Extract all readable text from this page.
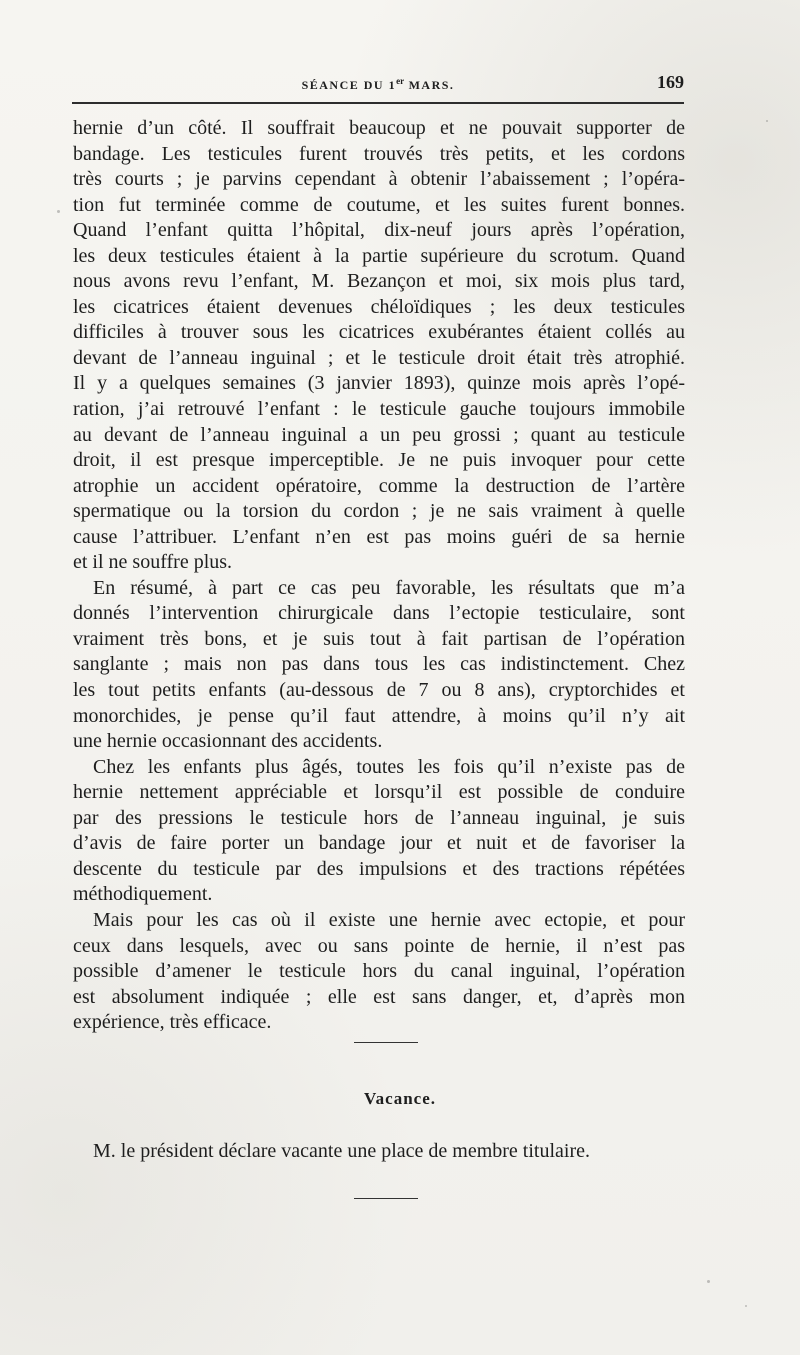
SÉANCE DU 1er MARS.	169
hernie d’un côté. Il souffrait beaucoup et ne pouvait supporter de
bandage. Les testicules furent trouvés très petits, et les cordons
très courts ; je parvins cependant à obtenir l’abaissement ; l’opéra-
tion fut terminée comme de coutume, et les suites furent bonnes.
Quand l’enfant quitta l’hôpital, dix-neuf jours après l’opération,
les deux testicules étaient à la partie supérieure du scrotum. Quand
nous avons revu l’enfant, M. Bezançon et moi, six mois plus tard,
les cicatrices étaient devenues chéloïdiques ; les deux testicules
difficiles à trouver sous les cicatrices exubérantes étaient collés au
devant de l’anneau inguinal ; et le testicule droit était très atrophié.
Il y a quelques semaines (3 janvier 1893), quinze mois après l’opé-
ration, j’ai retrouvé l’enfant : le testicule gauche toujours immobile
au devant de l’anneau inguinal a un peu grossi ; quant au testicule
droit, il est presque imperceptible. Je ne puis invoquer pour cette
atrophie un accident opératoire, comme la destruction de l’artère
spermatique ou la torsion du cordon ; je ne sais vraiment à quelle
cause l’attribuer. L’enfant n’en est pas moins guéri de sa hernie
et il ne souffre plus.
En résumé, à part ce cas peu favorable, les résultats que m’a
donnés l’intervention chirurgicale dans l’ectopie testiculaire, sont
vraiment très bons, et je suis tout à fait partisan de l’opération
sanglante ; mais non pas dans tous les cas indistinctement. Chez
les tout petits enfants (au-dessous de 7 ou 8 ans), cryptorchides et
monorchides, je pense qu’il faut attendre, à moins qu’il n’y ait
une hernie occasionnant des accidents.
Chez les enfants plus âgés, toutes les fois qu’il n’existe pas de
hernie nettement appréciable et lorsqu’il est possible de conduire
par des pressions le testicule hors de l’anneau inguinal, je suis
d’avis de faire porter un bandage jour et nuit et de favoriser la
descente du testicule par des impulsions et des tractions répétées
méthodiquement.
Mais pour les cas où il existe une hernie avec ectopie, et pour
ceux dans lesquels, avec ou sans pointe de hernie, il n’est pas
possible d’amener le testicule hors du canal inguinal, l’opération
est absolument indiquée ; elle est sans danger, et, d’après mon
expérience, très efficace.
Vacance.
M. le président déclare vacante une place de membre titulaire.
